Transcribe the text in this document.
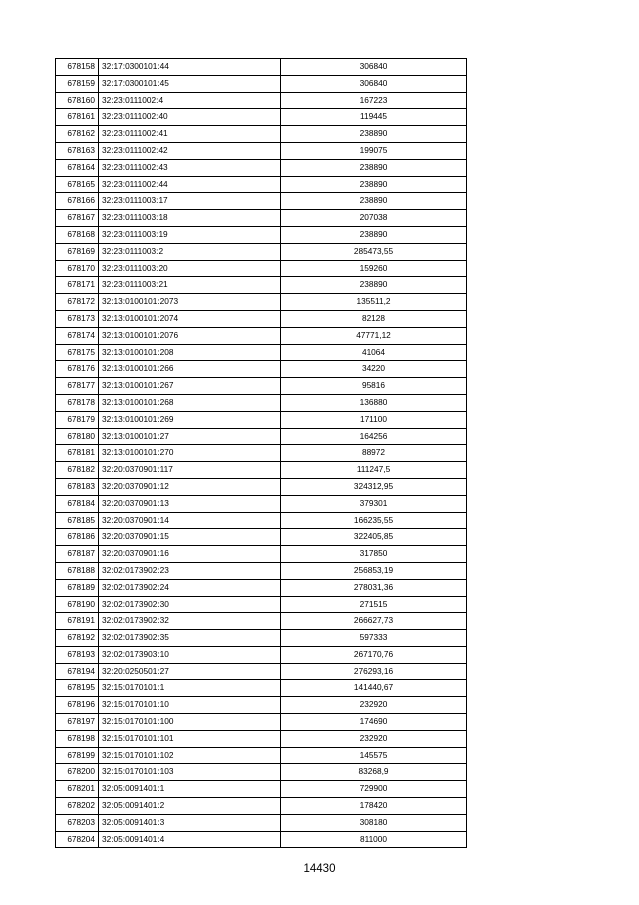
678158	32:17:0300101:44	306840
678159	32:17:0300101:45	306840
678160	32:23:0111002:4	167223
678161	32:23:0111002:40	119445
678162	32:23:0111002:41	238890
678163	32:23:0111002:42	199075
678164	32:23:0111002:43	238890
678165	32:23:0111002:44	238890
678166	32:23:0111003:17	238890
678167	32:23:0111003:18	207038
678168	32:23:0111003:19	238890
678169	32:23:0111003:2	285473,55
678170	32:23:0111003:20	159260
678171	32:23:0111003:21	238890
678172	32:13:0100101:2073	135511,2
678173	32:13:0100101:2074	82128
678174	32:13:0100101:2076	47771,12
678175	32:13:0100101:208	41064
678176	32:13:0100101:266	34220
678177	32:13:0100101:267	95816
678178	32:13:0100101:268	136880
678179	32:13:0100101:269	171100
678180	32:13:0100101:27	164256
678181	32:13:0100101:270	88972
678182	32:20:0370901:117	111247,5
678183	32:20:0370901:12	324312,95
678184	32:20:0370901:13	379301
678185	32:20:0370901:14	166235,55
678186	32:20:0370901:15	322405,85
678187	32:20:0370901:16	317850
678188	32:02:0173902:23	256853,19
678189	32:02:0173902:24	278031,36
678190	32:02:0173902:30	271515
678191	32:02:0173902:32	266627,73
678192	32:02:0173902:35	597333
678193	32:02:0173903:10	267170,76
678194	32:20:0250501:27	276293,16
678195	32:15:0170101:1	141440,67
678196	32:15:0170101:10	232920
678197	32:15:0170101:100	174690
678198	32:15:0170101:101	232920
678199	32:15:0170101:102	145575
678200	32:15:0170101:103	83268,9
678201	32:05:0091401:1	729900
678202	32:05:0091401:2	178420
678203	32:05:0091401:3	308180
678204	32:05:0091401:4	811000
14430
